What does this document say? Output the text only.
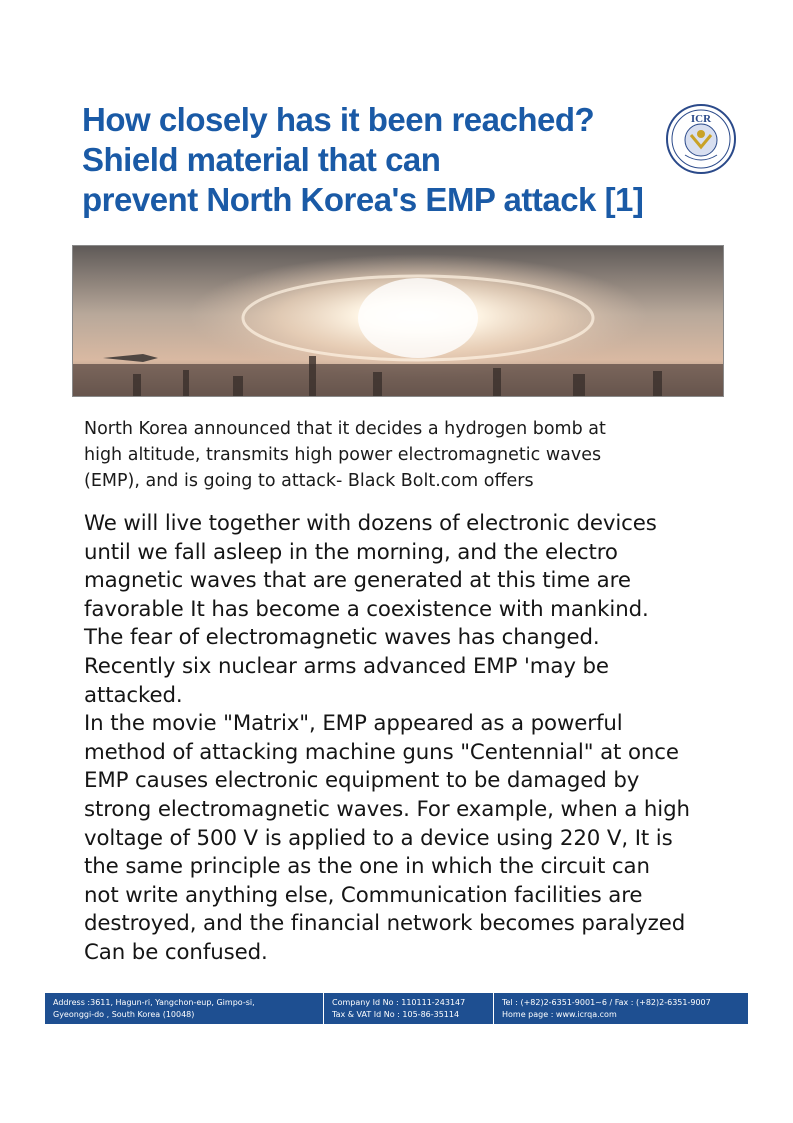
How closely has it been reached?
Shield material that can
prevent North Korea's EMP attack [1]
ICR
North Korea announced that it decides a hydrogen bomb at
high altitude, transmits high power electromagnetic waves
(EMP), and is going to attack- Black Bolt.com offers
We will live together with dozens of electronic devices
until we fall asleep in the morning, and the electro
magnetic waves that are generated at this time are
favorable It has become a coexistence with mankind.
The fear of electromagnetic waves has changed.
Recently six nuclear arms advanced EMP 'may be
attacked.
In the movie "Matrix", EMP appeared as a powerful
method of attacking machine guns "Centennial" at once
EMP causes electronic equipment to be damaged by
strong electromagnetic waves. For example, when a high
voltage of 500 V is applied to a device using 220 V, It is
the same principle as the one in which the circuit can
not write anything else, Communication facilities are
destroyed, and the financial network becomes paralyzed
Can be confused.
Address :3611, Hagun-ri, Yangchon-eup, Gimpo-si,
Gyeonggi-do , South Korea (10048)
Company Id No : 110111-243147
Tax & VAT Id No : 105-86-35114
Tel : (+82)2-6351-9001~6 / Fax : (+82)2-6351-9007
Home page : www.icrqa.com
